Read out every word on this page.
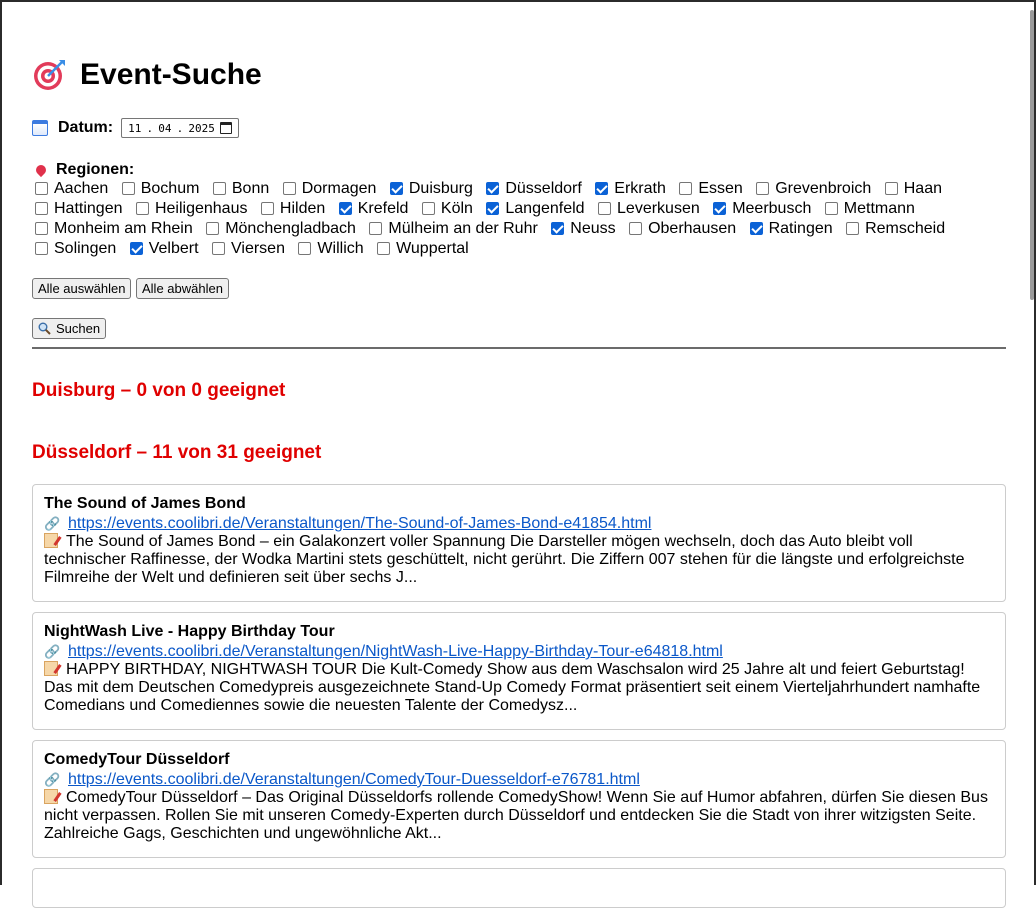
Event-Suche
Datum: 11 . 04 . 2025
Regionen:
Aachen Bochum Bonn Dormagen Duisburg Düsseldorf Erkrath Essen Grevenbroich Haan Hattingen Heiligenhaus Hilden Krefeld Köln Langenfeld Leverkusen Meerbusch Mettmann Monheim am Rhein Mönchengladbach Mülheim an der Ruhr Neuss Oberhausen Ratingen Remscheid Solingen Velbert Viersen Willich Wuppertal
Alle auswählen	Alle abwählen
Suchen
Duisburg – 0 von 0 geeignet
Düsseldorf – 11 von 31 geeignet
The Sound of James Bond
🔗 https://events.coolibri.de/Veranstaltungen/The-Sound-of-James-Bond-e41854.html
The Sound of James Bond – ein Galakonzert voller Spannung Die Darsteller mögen wechseln, doch das Auto bleibt voll technischer Raffinesse, der Wodka Martini stets geschüttelt, nicht gerührt. Die Ziffern 007 stehen für die längste und erfolgreichste Filmreihe der Welt und definieren seit über sechs J...
NightWash Live - Happy Birthday Tour
🔗 https://events.coolibri.de/Veranstaltungen/NightWash-Live-Happy-Birthday-Tour-e64818.html
HAPPY BIRTHDAY, NIGHTWASH TOUR Die Kult-Comedy Show aus dem Waschsalon wird 25 Jahre alt und feiert Geburtstag! Das mit dem Deutschen Comedypreis ausgezeichnete Stand-Up Comedy Format präsentiert seit einem Vierteljahrhundert namhafte Comedians und Comediennes sowie die neuesten Talente der Comedysz...
ComedyTour Düsseldorf
🔗 https://events.coolibri.de/Veranstaltungen/ComedyTour-Duesseldorf-e76781.html
ComedyTour Düsseldorf – Das Original Düsseldorfs rollende ComedyShow! Wenn Sie auf Humor abfahren, dürfen Sie diesen Bus nicht verpassen. Rollen Sie mit unseren Comedy-Experten durch Düsseldorf und entdecken Sie die Stadt von ihrer witzigsten Seite. Zahlreiche Gags, Geschichten und ungewöhnliche Akt...
